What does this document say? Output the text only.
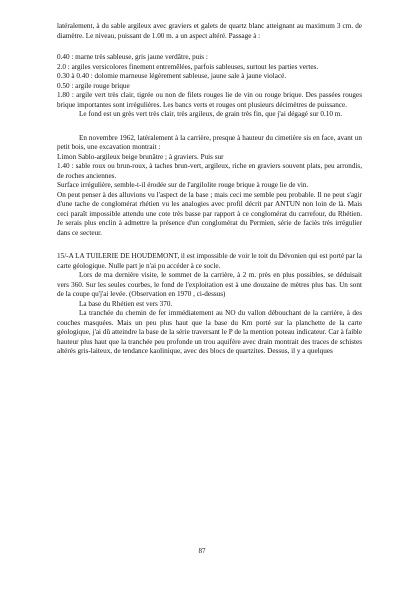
latéralement, à du sable argileux avec graviers et galets de quartz blanc atteignant au maximum 3 cm. de diamètre. Le niveau, puissant de 1.00 m. a un aspect altéré. Passage à :

0.40 : marne très sableuse, gris jaune verdâtre, puis :

2.0 : argiles versicolores finement entremêlées, parfois sableuses, surtout les parties vertes.

0.30 à 0.40 : dolomie marneuse légèrement sableuse, jaune sale à jaune violacé.

0.50 : argile rouge brique

1.80 : argile vert très clair, tigrée ou non de filets rouges lie de vin ou rouge brique. Des passées rouges brique importantes sont irrégulières. Les bancs verts et rouges ont plusieurs décimètres de puissance.

Le fond est un grès vert très clair, très argileux, de grain très fin, que j'ai dégagé sur 0.10 m.

En novembre 1962, latéralement à la carrière, presque à hauteur du cimetière sis en face, avant un petit bois, une excavation montrait :

Limon Sablo-argileux beige brunâtre ; à graviers. Puis sur

1.40 : sable roux ou brun-roux, à taches brun-vert, argileux, riche en graviers souvent plats, peu arrondis, de roches anciennes.

Surface irrégulière, semble-t-il érodée sur de l'argilolite rouge brique à rouge lie de vin.

On peut penser à des alluvions vu l'aspect de la base ; mais ceci me semble peu probable. Il ne peut s'agir d'une tache de conglomérat rhétien vu les analogies avec profil décrit par ANTUN non loin de là. Mais ceci paraît impossible attendu une cote très basse par rapport à ce conglomérat du carrefour, du Rhétien. Je serais plus enclin à admettre la présence d'un conglomérat du Permien, série de faciès très irrégulier dans ce secteur.

15/-A LA TUILERIE DE HOUDEMONT, il est impossible de voir le toit du Dévonien qui est porté par la carte géologique. Nulle part je n'ai pu accéder à ce socle.

Lors de ma dernière visite, le sommet de la carrière, à 2 m. près en plus possibles, se déduisait vers 360. Sur les seules courbes, le fond de l'exploitation est à une douzaine de mètres plus bas. Un sont de la coupe qu'j'ai levée. (Observation en 1970 , ci-dessus)

La base du Rhétien est vers 370.

La tranchée du chemin de fer immédiatement au NO du vallon débouchant de la carrière, à des couches masquées. Mais un peu plus haut que la base du Km porté sur la planchette de la carte géologique, j'ai dû atteindre la base de la série traversant le P de la mention poteau indicateur. Car à faible hauteur plus haut que la tranchée peu profonde un trou aquifère avec drain montrait des traces de schistes altérés gris-laiteux, de tendance kaolinique, avec des blocs de quartzites. Dessus, il y a quelques

87
